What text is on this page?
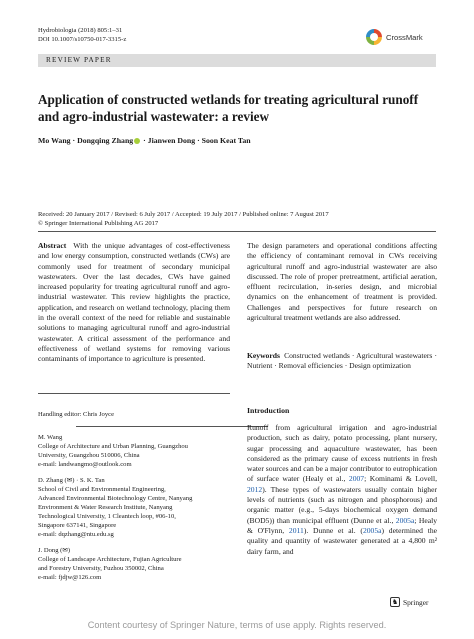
Hydrobiologia (2018) 805:1–31
DOI 10.1007/s10750-017-3315-z	CrossMark
REVIEW PAPER
Application of constructed wetlands for treating agricultural runoff and agro-industrial wastewater: a review
Mo Wang · Dongqing Zhang · Jianwen Dong · Soon Keat Tan
Received: 20 January 2017 / Revised: 6 July 2017 / Accepted: 19 July 2017 / Published online: 7 August 2017
© Springer International Publishing AG 2017
Abstract With the unique advantages of cost-effectiveness and low energy consumption, constructed wetlands (CWs) are commonly used for treatment of secondary municipal wastewaters. Over the last decades, CWs have gained increased popularity for treating agricultural runoff and agro-industrial wastewater. This review highlights the practice, application, and research on wetland technology, placing them in the overall context of the need for reliable and sustainable solutions to managing agricultural runoff and agro-industrial wastewater. A critical assessment of the performance and effectiveness of wetland systems for removing various contaminants of importance to agriculture is presented.
The design parameters and operational conditions affecting the efficiency of contaminant removal in CWs receiving agricultural runoff and agro-industrial wastewater are also discussed. The role of proper pretreatment, artificial aeration, effluent recirculation, in-series design, and microbial dynamics on the enhancement of treatment is provided. Challenges and perspectives for future research on agricultural treatment wetlands are also addressed.
Keywords Constructed wetlands · Agricultural wastewaters · Nutrient · Removal efficiencies · Design optimization

Handling editor: Chris Joyce

M. Wang
College of Architecture and Urban Planning, Guangzhou
University, Guangzhou 510006, China
e-mail: landwangmo@outlook.com

D. Zhang (✉) · S. K. Tan
School of Civil and Environmental Engineering,
Advanced Environmental Biotechnology Centre, Nanyang
Environment & Water Research Institute, Nanyang
Technological University, 1 Cleantech loop, #06-10,
Singapore 637141, Singapore
e-mail: dqzhang@ntu.edu.sg

J. Dong (✉)
College of Landscape Architecture, Fujian Agriculture
and Forestry University, Fuzhou 350002, China
e-mail: fjdjw@126.com

Introduction
Runoff from agricultural irrigation and agro-industrial production, such as dairy, potato processing, plant nursery, sugar processing and aquaculture wastewater, has been considered as the primary cause of excess nutrients in fresh water sources and can be a major contributor to eutrophication of surface water (Healy et al., 2007; Kominami & Lovell, 2012). These types of wastewaters usually contain higher levels of nutrients (such as nitrogen and phosphorous) and organic matter (e.g., 5-days biochemical oxygen demand (BOD5)) than municipal effluent (Dunne et al., 2005a; Healy & O'Flynn, 2011). Dunne et al. (2005a) determined the quality and quantity of wastewater generated at a 4,800 m² dairy farm, and
♞ Springer
Content courtesy of Springer Nature, terms of use apply. Rights reserved.
